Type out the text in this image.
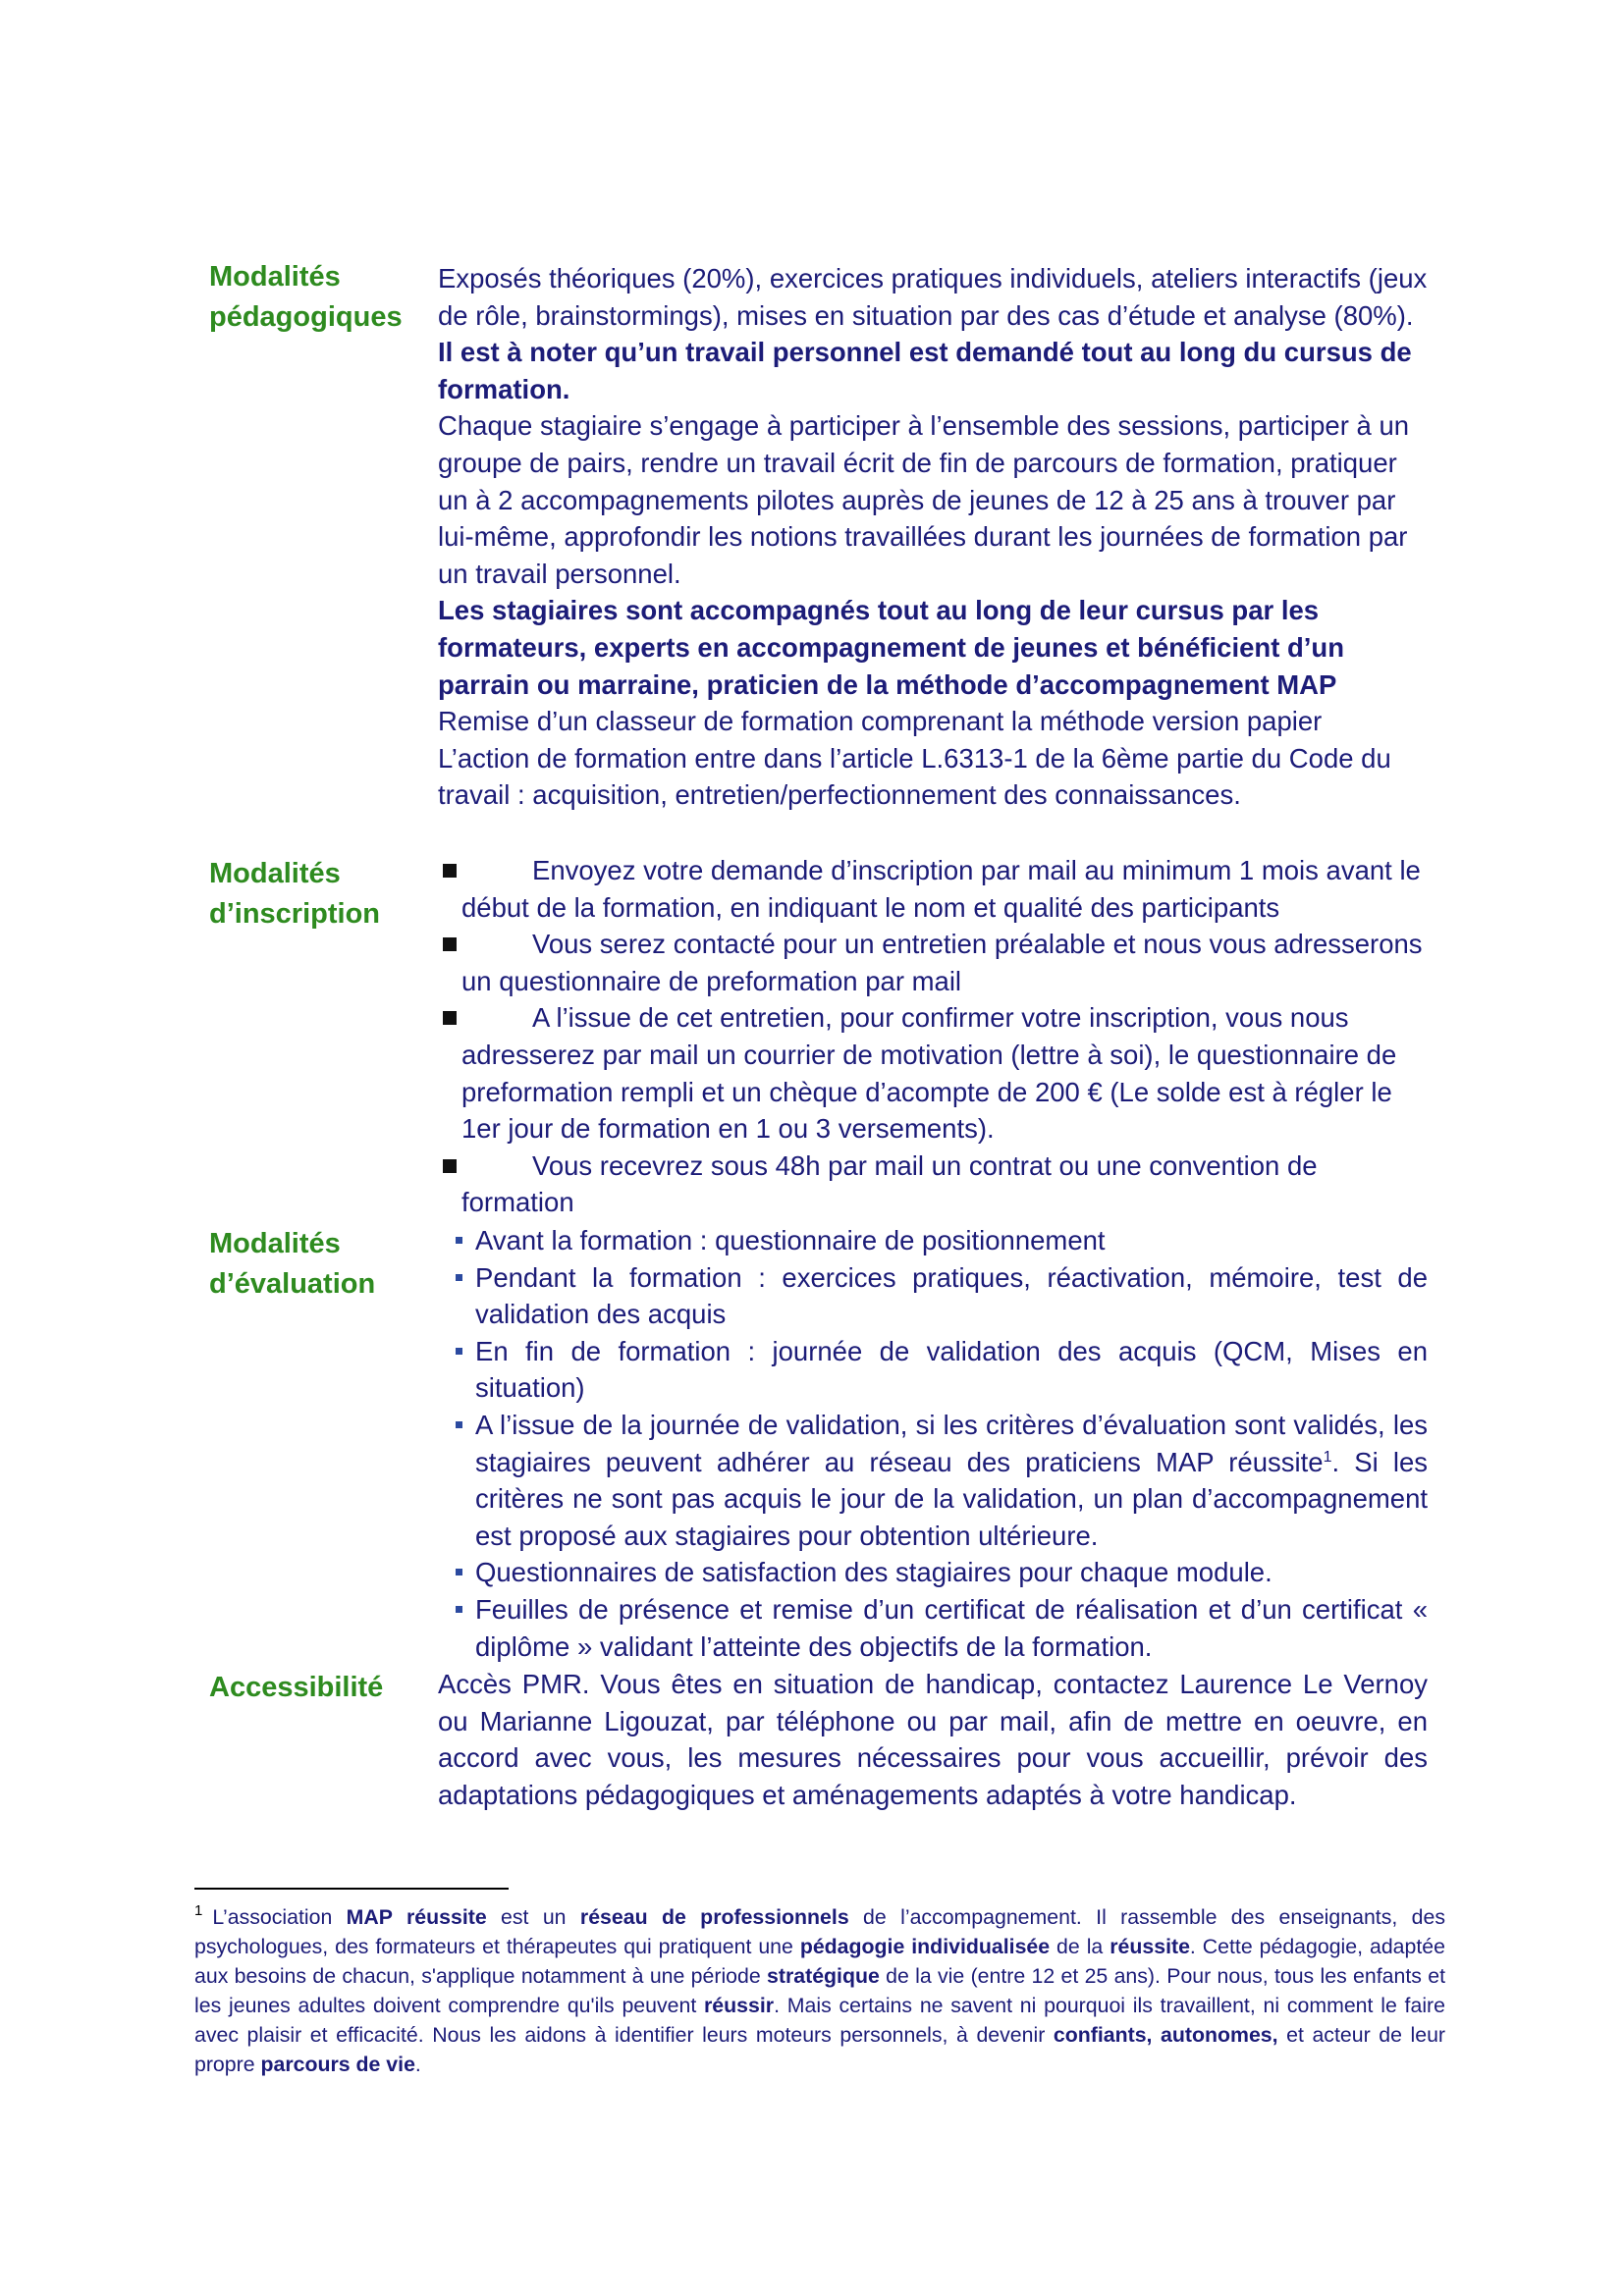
Modalités pédagogiques

Exposés théoriques (20%), exercices pratiques individuels, ateliers interactifs (jeux de rôle, brainstormings), mises en situation par des cas d’étude et analyse (80%).

Il est à noter qu’un travail personnel est demandé tout au long du cursus de formation.

Chaque stagiaire s’engage à participer à l’ensemble des sessions, participer à un groupe de pairs, rendre un travail écrit de fin de parcours de formation, pratiquer un à 2 accompagnements pilotes auprès de jeunes de 12 à 25 ans à trouver par lui-même, approfondir les notions travaillées durant les journées de formation par un travail personnel.

Les stagiaires sont accompagnés tout au long de leur cursus par les formateurs, experts en accompagnement de jeunes et bénéficient d’un parrain ou marraine, praticien de la méthode d’accompagnement MAP

Remise d’un classeur de formation comprenant la méthode version papier

L’action de formation entre dans l’article L.6313-1 de la 6ème partie du Code du travail : acquisition, entretien/perfectionnement des connaissances.

Modalités d’inscription
Envoyez votre demande d’inscription par mail au minimum 1 mois avant le début de la formation, en indiquant le nom et qualité des participants
Vous serez contacté pour un entretien préalable et nous vous adresserons un questionnaire de preformation par mail
A l’issue de cet entretien, pour confirmer votre inscription, vous nous adresserez par mail un courrier de motivation (lettre à soi), le questionnaire de preformation rempli et un chèque d’acompte de 200 € (Le solde est à régler le 1er jour de formation en 1 ou 3 versements).
Vous recevrez sous 48h par mail un contrat ou une convention de formation
Modalités d’évaluation
Avant la formation : questionnaire de positionnement
Pendant la formation : exercices pratiques, réactivation, mémoire, test de validation des acquis
En fin de formation : journée de validation des acquis (QCM, Mises en situation)
A l’issue de la journée de validation, si les critères d’évaluation sont validés, les stagiaires peuvent adhérer au réseau des praticiens MAP réussite$^1$. Si les critères ne sont pas acquis le jour de la validation, un plan d’accompagnement est proposé aux stagiaires pour obtention ultérieure.
Questionnaires de satisfaction des stagiaires pour chaque module.
Feuilles de présence et remise d’un certificat de réalisation et d’un certificat « diplôme » validant l’atteinte des objectifs de la formation.
Accessibilité	Accès PMR. Vous êtes en situation de handicap, contactez Laurence Le Vernoy ou Marianne Ligouzat, par téléphone ou par mail, afin de mettre en oeuvre, en accord avec vous, les mesures nécessaires pour vous accueillir, prévoir des adaptations pédagogiques et aménagements adaptés à votre handicap.

$^1$ L’association MAP réussite est un réseau de professionnels de l’accompagnement. Il rassemble des enseignants, des psychologues, des formateurs et thérapeutes qui pratiquent une pédagogie individualisée de la réussite. Cette pédagogie, adaptée aux besoins de chacun, s'applique notamment à une période stratégique de la vie (entre 12 et 25 ans). Pour nous, tous les enfants et les jeunes adultes doivent comprendre qu'ils peuvent réussir. Mais certains ne savent ni pourquoi ils travaillent, ni comment le faire avec plaisir et efficacité. Nous les aidons à identifier leurs moteurs personnels, à devenir confiants, autonomes, et acteur de leur propre parcours de vie.
